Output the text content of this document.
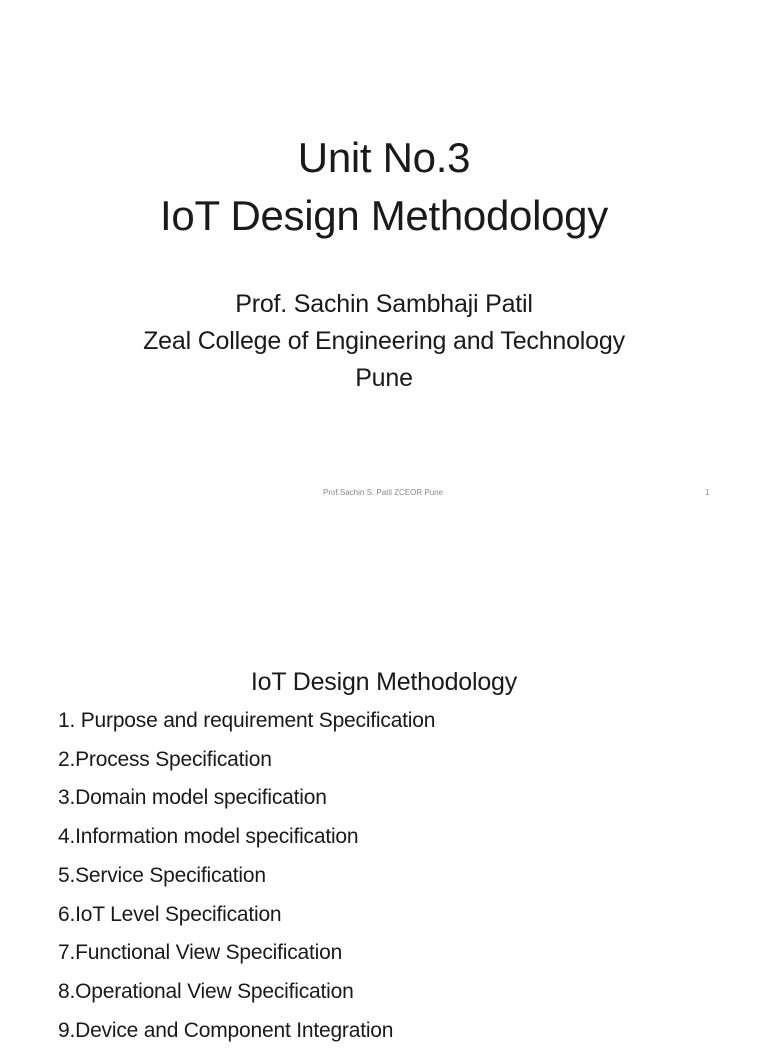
Unit No.3
IoT Design Methodology
Prof. Sachin Sambhaji Patil
Zeal College of Engineering and Technology
Pune
Prof.Sachin S. Patil ZCEOR Pune	1
IoT Design Methodology
1. Purpose and requirement Specification
2.Process Specification
3.Domain model specification
4.Information model specification
5.Service Specification
6.IoT Level Specification
7.Functional View Specification
8.Operational View Specification
9.Device and Component Integration
